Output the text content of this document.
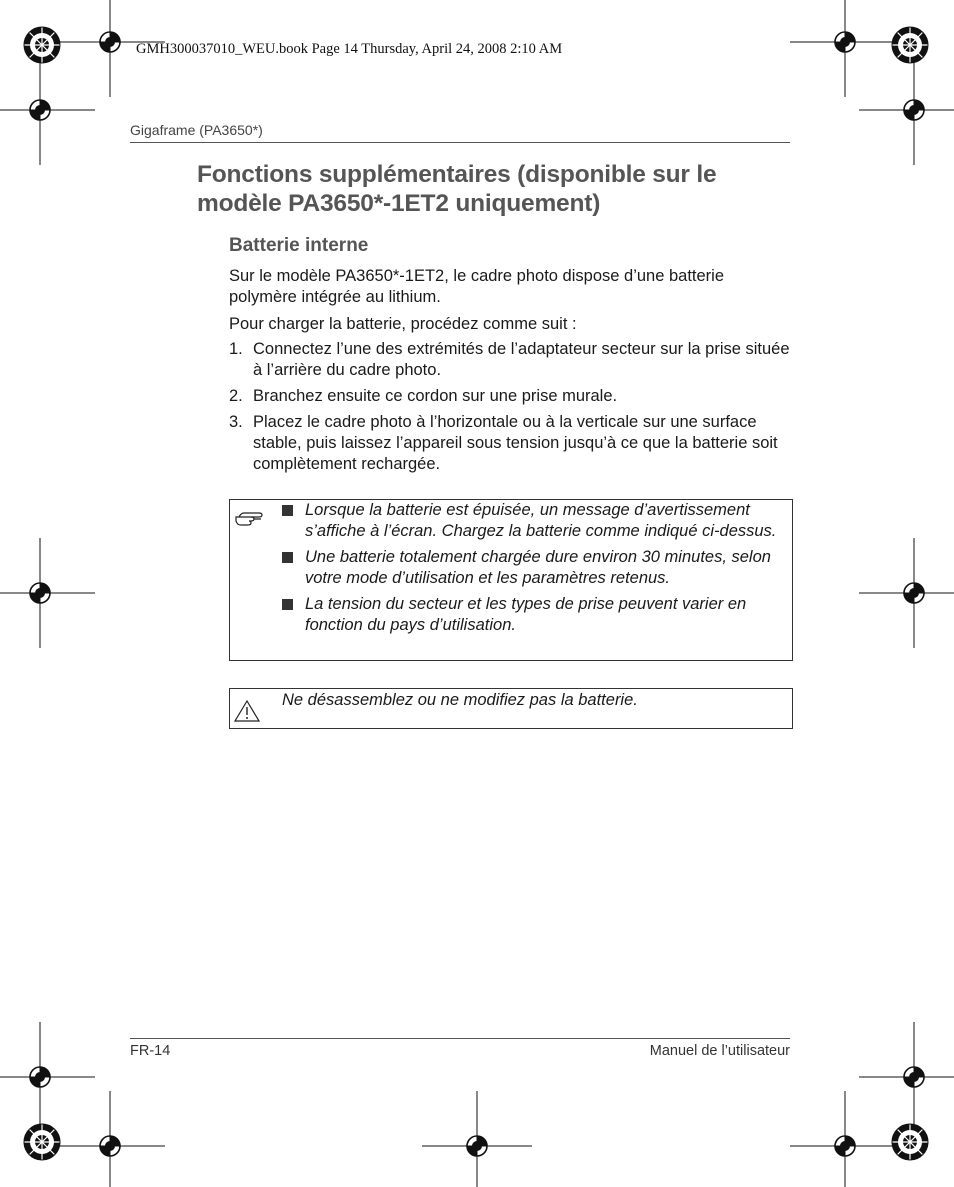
GMH300037010_WEU.book Page 14 Thursday, April 24, 2008 2:10 AM
Gigaframe (PA3650*)
Fonctions supplémentaires (disponible sur le modèle PA3650*-1ET2 uniquement)
Batterie interne

Sur le modèle PA3650*-1ET2, le cadre photo dispose d’une batterie polymère intégrée au lithium.

Pour charger la batterie, procédez comme suit :

1. Connectez l’une des extrémités de l’adaptateur secteur sur la prise située à l’arrière du cadre photo.
2. Branchez ensuite ce cordon sur une prise murale.
3. Placez le cadre photo à l’horizontale ou à la verticale sur une surface stable, puis laissez l’appareil sous tension jusqu’à ce que la batterie soit complètement rechargée.
Lorsque la batterie est épuisée, un message d’avertissement s’affiche à l’écran. Chargez la batterie comme indiqué ci-dessus.
Une batterie totalement chargée dure environ 30 minutes, selon votre mode d’utilisation et les paramètres retenus.
La tension du secteur et les types de prise peuvent varier en fonction du pays d’utilisation.
Ne désassemblez ou ne modifiez pas la batterie.
FR-14	Manuel de l’utilisateur
